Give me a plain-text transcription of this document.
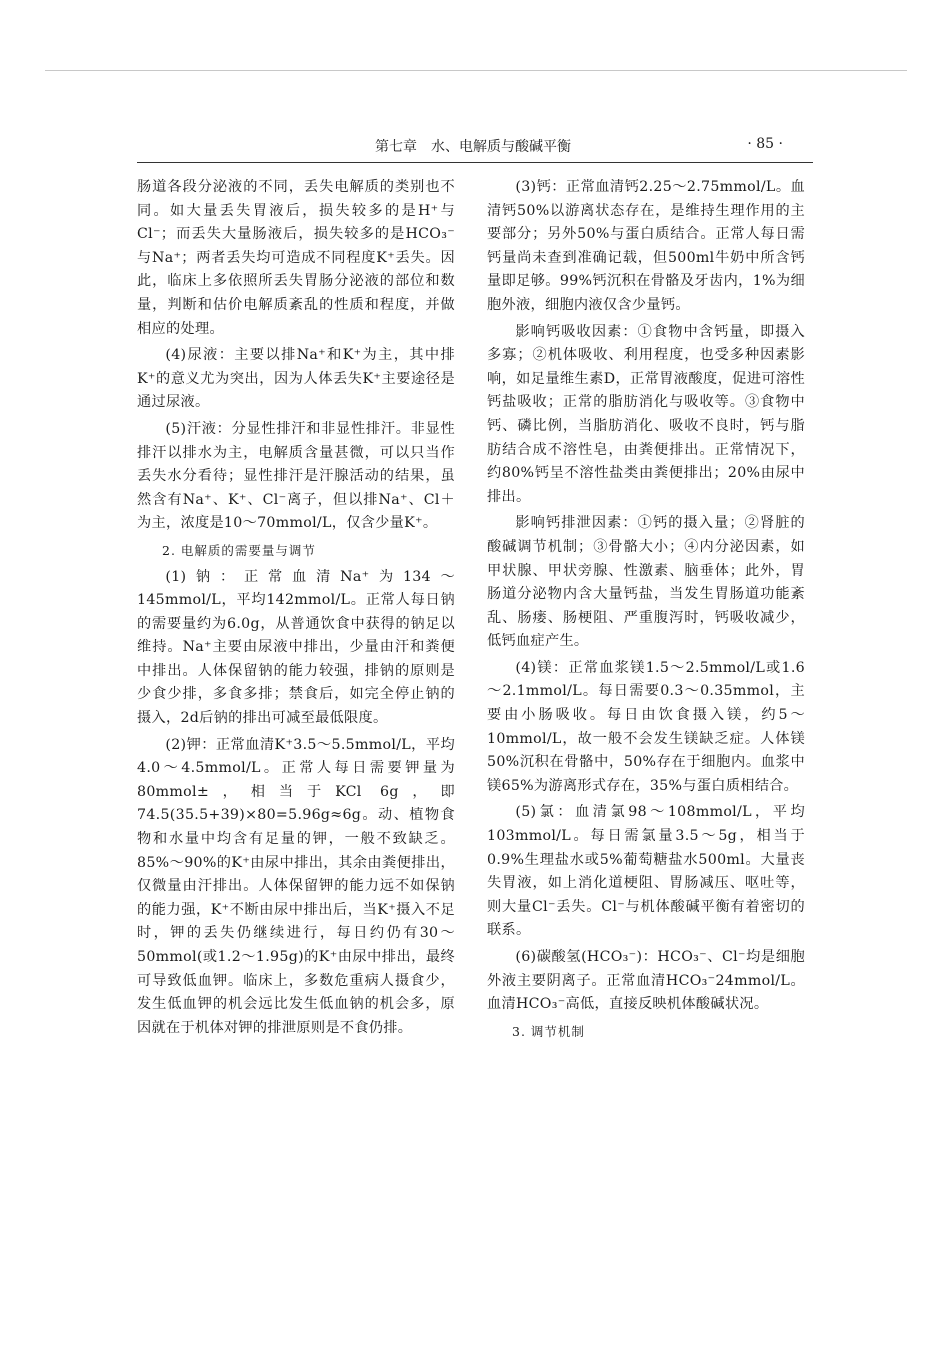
第七章　水、电解质与酸碱平衡	· 85 ·

肠道各段分泌液的不同，丢失电解质的类别也不同。如大量丢失胃液后，损失较多的是H⁺与Cl⁻；而丢失大量肠液后，损失较多的是HCO₃⁻与Na⁺；两者丢失均可造成不同程度K⁺丢失。因此，临床上多依照所丢失胃肠分泌液的部位和数量，判断和估价电解质紊乱的性质和程度，并做相应的处理。

(4)尿液：主要以排Na⁺和K⁺为主，其中排K⁺的意义尤为突出，因为人体丢失K⁺主要途径是通过尿液。

(5)汗液：分显性排汗和非显性排汗。非显性排汗以排水为主，电解质含量甚微，可以只当作丢失水分看待；显性排汗是汗腺活动的结果，虽然含有Na⁺、K⁺、Cl⁻离子，但以排Na⁺、Cl＋为主，浓度是10～70mmol/L，仅含少量K⁺。

2. 电解质的需要量与调节

(1)钠：正常血清Na⁺为134～145mmol/L，平均142mmol/L。正常人每日钠的需要量约为6.0g，从普通饮食中获得的钠足以维持。Na⁺主要由尿液中排出，少量由汗和粪便中排出。人体保留钠的能力较强，排钠的原则是少食少排，多食多排；禁食后，如完全停止钠的摄入，2d后钠的排出可减至最低限度。

(2)钾：正常血清K⁺3.5～5.5mmol/L，平均4.0～4.5mmol/L。正常人每日需要钾量为80mmol±，相当于KCl 6g，即74.5(35.5+39)×80=5.96g≈6g。动、植物食物和水量中均含有足量的钾，一般不致缺乏。85%～90%的K⁺由尿中排出，其余由粪便排出，仅微量由汗排出。人体保留钾的能力远不如保钠的能力强，K⁺不断由尿中排出后，当K⁺摄入不足时，钾的丢失仍继续进行，每日约仍有30～50mmol(或1.2～1.95g)的K⁺由尿中排出，最终可导致低血钾。临床上，多数危重病人摄食少，发生低血钾的机会远比发生低血钠的机会多，原因就在于机体对钾的排泄原则是不食仍排。

(3)钙：正常血清钙2.25～2.75mmol/L。血清钙50%以游离状态存在，是维持生理作用的主要部分；另外50%与蛋白质结合。正常人每日需钙量尚未查到准确记载，但500ml牛奶中所含钙量即足够。99%钙沉积在骨骼及牙齿内，1%为细胞外液，细胞内液仅含少量钙。

影响钙吸收因素：①食物中含钙量，即摄入多寡；②机体吸收、利用程度，也受多种因素影响，如足量维生素D，正常胃液酸度，促进可溶性钙盐吸收；正常的脂肪消化与吸收等。③食物中钙、磷比例，当脂肪消化、吸收不良时，钙与脂肪结合成不溶性皂，由粪便排出。正常情况下，约80%钙呈不溶性盐类由粪便排出；20%由尿中排出。

影响钙排泄因素：①钙的摄入量；②肾脏的酸碱调节机制；③骨骼大小；④内分泌因素，如甲状腺、甲状旁腺、性激素、脑垂体；此外，胃肠道分泌物内含大量钙盐，当发生胃肠道功能紊乱、肠瘘、肠梗阻、严重腹泻时，钙吸收减少，低钙血症产生。

(4)镁：正常血浆镁1.5～2.5mmol/L或1.6～2.1mmol/L。每日需要0.3～0.35mmol，主要由小肠吸收。每日由饮食摄入镁，约5～10mmol/L，故一般不会发生镁缺乏症。人体镁50%沉积在骨骼中，50%存在于细胞内。血浆中镁65%为游离形式存在，35%与蛋白质相结合。

(5)氯：血清氯98～108mmol/L，平均103mmol/L。每日需氯量3.5～5g，相当于0.9%生理盐水或5%葡萄糖盐水500ml。大量丧失胃液，如上消化道梗阻、胃肠减压、呕吐等，则大量Cl⁻丢失。Cl⁻与机体酸碱平衡有着密切的联系。

(6)碳酸氢(HCO₃⁻)：HCO₃⁻、Cl⁻均是细胞外液主要阴离子。正常血清HCO₃⁻24mmol/L。血清HCO₃⁻高低，直接反映机体酸碱状况。

3. 调节机制
